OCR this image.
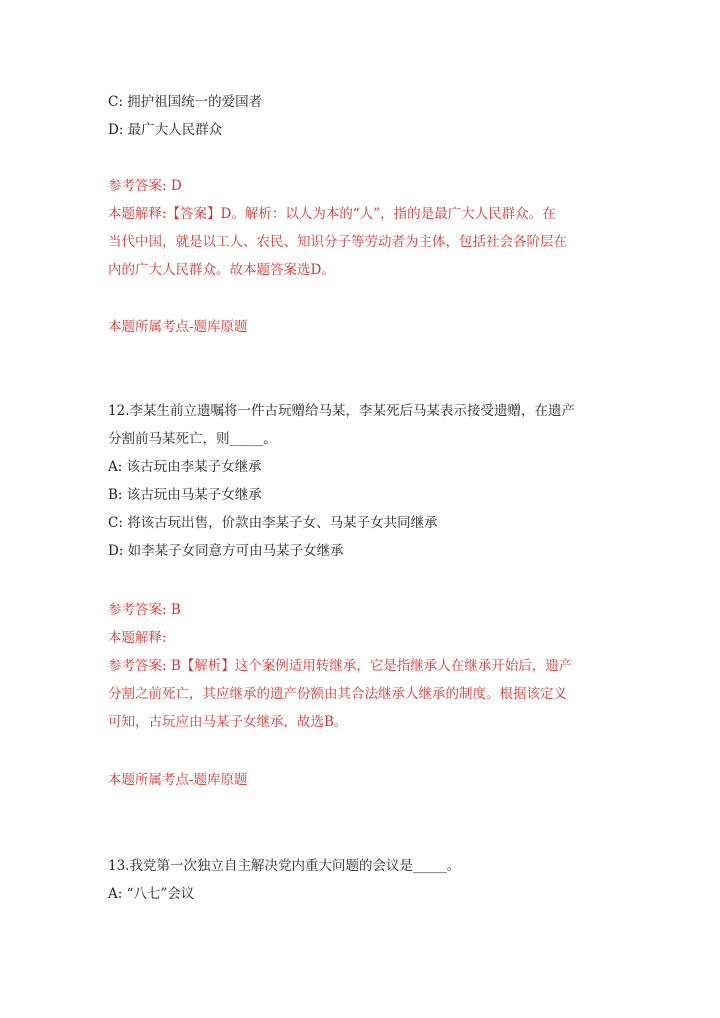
C: 拥护祖国统一的爱国者
D: 最广大人民群众
参考答案: D
本题解释:【答案】D。解析：以人为本的“人”，指的是最广大人民群众。在
当代中国，就是以工人、农民、知识分子等劳动者为主体，包括社会各阶层在
内的广大人民群众。故本题答案选D。
本题所属考点-题库原题
12.李某生前立遗嘱将一件古玩赠给马某，李某死后马某表示接受遗赠，在遗产
分割前马某死亡，则_____。
A: 该古玩由李某子女继承
B: 该古玩由马某子女继承
C: 将该古玩出售，价款由李某子女、马某子女共同继承
D: 如李某子女同意方可由马某子女继承
参考答案: B
本题解释:
参考答案: B【解析】这个案例适用转继承，它是指继承人在继承开始后，遗产
分割之前死亡，其应继承的遗产份额由其合法继承人继承的制度。根据该定义
可知，古玩应由马某子女继承，故选B。
本题所属考点-题库原题
13.我党第一次独立自主解决党内重大问题的会议是_____。
A: “八七”会议
